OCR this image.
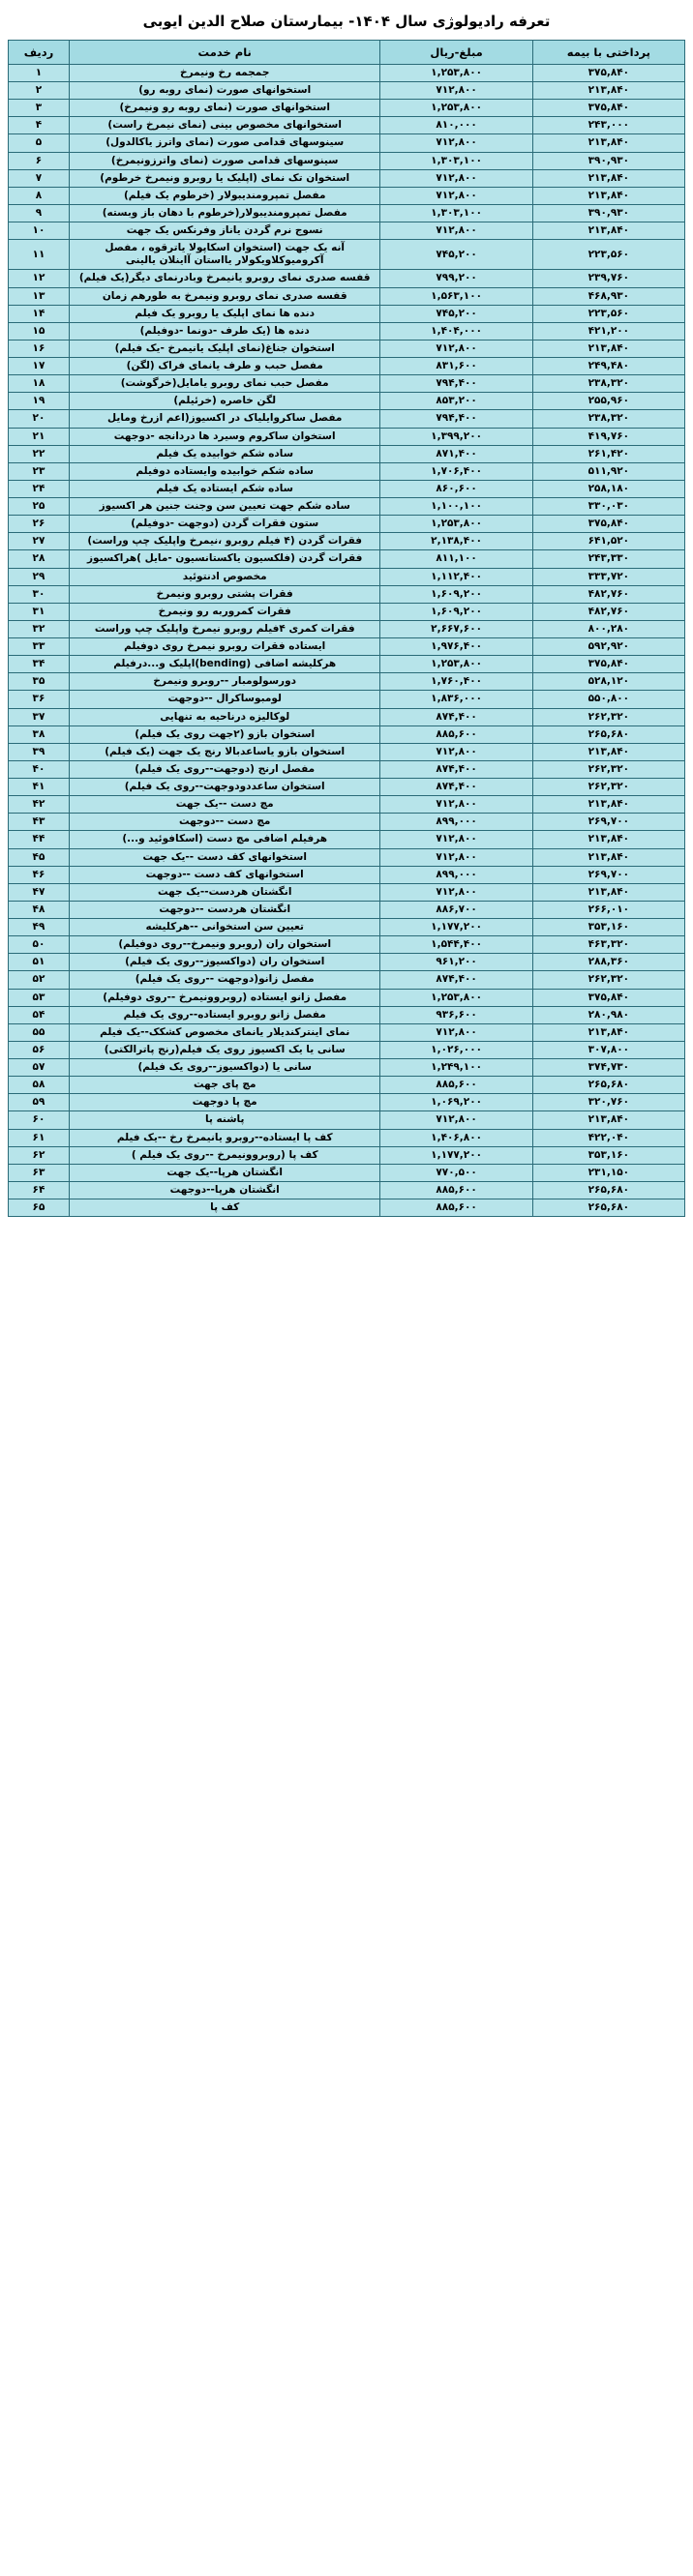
تعرفه رادیولوژی سال ۱۴۰۴- بیمارستان صلاح الدین ایوبی
پرداختی با بیمه	مبلغ-ریال	نام خدمت	ردیف
۳۷۵,۸۴۰	۱,۲۵۳,۸۰۰	جمجمه رخ ونیمرخ	۱
۲۱۳,۸۴۰	۷۱۲,۸۰۰	استخوانهای صورت (نمای روبه رو)	۲
۳۷۵,۸۴۰	۱,۲۵۳,۸۰۰	استخوانهای صورت (نمای روبه رو ونیمرخ)	۳
۲۴۳,۰۰۰	۸۱۰,۰۰۰	استخوانهای مخصوص بینی (نمای نیمرخ راست)	۴
۲۱۳,۸۴۰	۷۱۲,۸۰۰	سینوسهای قدامی صورت (نمای واترز یاکالدول)	۵
۳۹۰,۹۳۰	۱,۳۰۳,۱۰۰	سینوسهای قدامی صورت (نمای واترزونیمرخ)	۶
۲۱۳,۸۴۰	۷۱۲,۸۰۰	استخوان تک نمای (اپلیک یا روبرو ونیمرخ خرطوم)	۷
۲۱۳,۸۴۰	۷۱۲,۸۰۰	مفصل تمپرومندیبولار (خرطوم یک فیلم)	۸
۳۹۰,۹۳۰	۱,۳۰۳,۱۰۰	مفصل تمپرومندیبولار(خرطوم با دهان باز وبسته)	۹
۲۱۳,۸۴۰	۷۱۲,۸۰۰	نسوج نرم گردن یاناز وفرنکس یک جهت	۱۰
۲۲۳,۵۶۰	۷۴۵,۲۰۰	آنه یک جهت (استخوان اسکاپولا یاترقوه ، مفصل آکرومیوکلاویکولار یااستان آاینلان یالینی	۱۱
۲۳۹,۷۶۰	۷۹۹,۲۰۰	قفسه صدری نمای روبرو یانیمرخ وبادرنمای دیگر(یک فیلم)	۱۲
۴۶۸,۹۳۰	۱,۵۶۳,۱۰۰	قفسه صدری نمای روبرو ونیمرخ به طورهم زمان	۱۳
۲۲۳,۵۶۰	۷۴۵,۲۰۰	دنده ها نمای اپلیک یا روبرو یک فیلم	۱۴
۴۲۱,۲۰۰	۱,۴۰۴,۰۰۰	دنده ها (یک طرف -دونما -دوفیلم)	۱۵
۲۱۳,۸۴۰	۷۱۲,۸۰۰	استخوان جناغ(نمای اپلیک یانیمرخ -یک فیلم)	۱۶
۲۴۹,۴۸۰	۸۳۱,۶۰۰	مفصل حبب و طرف یانمای فراک (لگن)	۱۷
۲۳۸,۳۲۰	۷۹۴,۴۰۰	مفصل حبب نمای روبرو یامایل(خرگوشت)	۱۸
۲۵۵,۹۶۰	۸۵۳,۲۰۰	لگن خاصره (خرئیلم)	۱۹
۲۳۸,۳۲۰	۷۹۴,۴۰۰	مفصل ساکروایلیاک در اکسیوز(اعم ازرخ ومایل	۲۰
۴۱۹,۷۶۰	۱,۳۹۹,۲۰۰	استخوان ساکروم وسیرد ها دردانجه -دوجهت	۲۱
۲۶۱,۴۲۰	۸۷۱,۴۰۰	ساده شکم خوابیده یک فیلم	۲۲
۵۱۱,۹۲۰	۱,۷۰۶,۴۰۰	ساده شکم خوابیده وایستاده دوفیلم	۲۳
۲۵۸,۱۸۰	۸۶۰,۶۰۰	ساده شکم ایستاده یک فیلم	۲۴
۳۳۰,۰۳۰	۱,۱۰۰,۱۰۰	ساده شکم جهت تعیین سن وجنت جنین هر اکسیوز	۲۵
۳۷۵,۸۴۰	۱,۲۵۳,۸۰۰	ستون فقرات گردن (دوجهت -دوفیلم)	۲۶
۶۴۱,۵۲۰	۲,۱۳۸,۴۰۰	فقرات گردن (۴ فیلم روبرو ،نیمرخ واپلیک چپ وراست)	۲۷
۲۴۳,۳۳۰	۸۱۱,۱۰۰	فقرات گردن (فلکسیون یاکستانسیون -مایل )هراکسیوز	۲۸
۳۳۳,۷۲۰	۱,۱۱۲,۴۰۰	مخصوص ادنتوئید	۲۹
۴۸۲,۷۶۰	۱,۶۰۹,۲۰۰	فقرات پشتی روبرو ونیمرخ	۳۰
۴۸۲,۷۶۰	۱,۶۰۹,۲۰۰	فقرات کمروربه رو ونیمرخ	۳۱
۸۰۰,۲۸۰	۲,۶۶۷,۶۰۰	فقرات کمری ۴فیلم روبرو نیمرخ واپلیک چپ وراست	۳۲
۵۹۲,۹۲۰	۱,۹۷۶,۴۰۰	ایستاده فقرات روبرو نیمرخ روی دوفیلم	۳۳
۳۷۵,۸۴۰	۱,۲۵۳,۸۰۰	هرکلیشه اضافی (bending)اپلیک و...درفیلم	۳۴
۵۲۸,۱۲۰	۱,۷۶۰,۴۰۰	دورسولومبار --روبرو ونیمرخ	۳۵
۵۵۰,۸۰۰	۱,۸۳۶,۰۰۰	لومبوساکرال --دوجهت	۳۶
۲۶۲,۳۲۰	۸۷۴,۴۰۰	لوکالیزه درناحیه به تنهایی	۳۷
۲۶۵,۶۸۰	۸۸۵,۶۰۰	استخوان بازو (۲جهت روی یک فیلم)	۳۸
۲۱۳,۸۴۰	۷۱۲,۸۰۰	استخوان بازو یاساعدبالا رنج یک جهت (یک فیلم)	۳۹
۲۶۲,۳۲۰	۸۷۴,۴۰۰	مفصل ارنج (دوجهت--روی یک فیلم)	۴۰
۲۶۲,۳۲۰	۸۷۴,۴۰۰	استخوان ساعددودوجهت--روی یک فیلم)	۴۱
۲۱۳,۸۴۰	۷۱۲,۸۰۰	مچ دست --یک جهت	۴۲
۲۶۹,۷۰۰	۸۹۹,۰۰۰	مچ دست --دوجهت	۴۳
۲۱۳,۸۴۰	۷۱۲,۸۰۰	هرفیلم اضافی مچ دست (اسکافوئید و...)	۴۴
۲۱۳,۸۴۰	۷۱۲,۸۰۰	استخوانهای کف دست --یک جهت	۴۵
۲۶۹,۷۰۰	۸۹۹,۰۰۰	استخوانهای کف دست --دوجهت	۴۶
۲۱۳,۸۴۰	۷۱۲,۸۰۰	انگشتان هردست--یک جهت	۴۷
۲۶۶,۰۱۰	۸۸۶,۷۰۰	انگشتان هردست --دوجهت	۴۸
۳۵۳,۱۶۰	۱,۱۷۷,۲۰۰	تعیین سن استخوانی --هرکلیشه	۴۹
۴۶۳,۳۲۰	۱,۵۴۴,۴۰۰	استخوان ران (روبرو ونیمرخ--روی دوفیلم)	۵۰
۲۸۸,۳۶۰	۹۶۱,۲۰۰	استخوان ران (دواکسیوز--روی یک فیلم)	۵۱
۲۶۲,۳۲۰	۸۷۴,۴۰۰	مفصل زانو(دوجهت --روی یک فیلم)	۵۲
۳۷۵,۸۴۰	۱,۲۵۳,۸۰۰	مفصل زانو ایستاده (روبروونیمرخ --روی دوفیلم)	۵۳
۲۸۰,۹۸۰	۹۳۶,۶۰۰	مفصل زانو روبرو ایستاده--روی یک فیلم	۵۴
۲۱۳,۸۴۰	۷۱۲,۸۰۰	نمای اینترکندیلار یانمای مخصوص کشکک--یک فیلم	۵۵
۳۰۷,۸۰۰	۱,۰۲۶,۰۰۰	سانی یا یک اکسیوز روی یک فیلم(رنج پاترالکتی)	۵۶
۳۷۴,۷۳۰	۱,۲۴۹,۱۰۰	سانی یا (دواکسیوز--روی یک فیلم)	۵۷
۲۶۵,۶۸۰	۸۸۵,۶۰۰	مچ پای جهت	۵۸
۳۲۰,۷۶۰	۱,۰۶۹,۲۰۰	مچ پا دوجهت	۵۹
۲۱۳,۸۴۰	۷۱۲,۸۰۰	پاشنه پا	۶۰
۴۲۲,۰۴۰	۱,۴۰۶,۸۰۰	کف پا ایستاده--روبرو یانیمرخ رخ --یک فیلم	۶۱
۳۵۳,۱۶۰	۱,۱۷۷,۲۰۰	کف پا (روبروونیمرخ --روی یک فیلم )	۶۲
۲۳۱,۱۵۰	۷۷۰,۵۰۰	انگشتان هرپا--یک جهت	۶۳
۲۶۵,۶۸۰	۸۸۵,۶۰۰	انگشتان هرپا--دوجهت	۶۴
۲۶۵,۶۸۰	۸۸۵,۶۰۰	کف پا	۶۵
